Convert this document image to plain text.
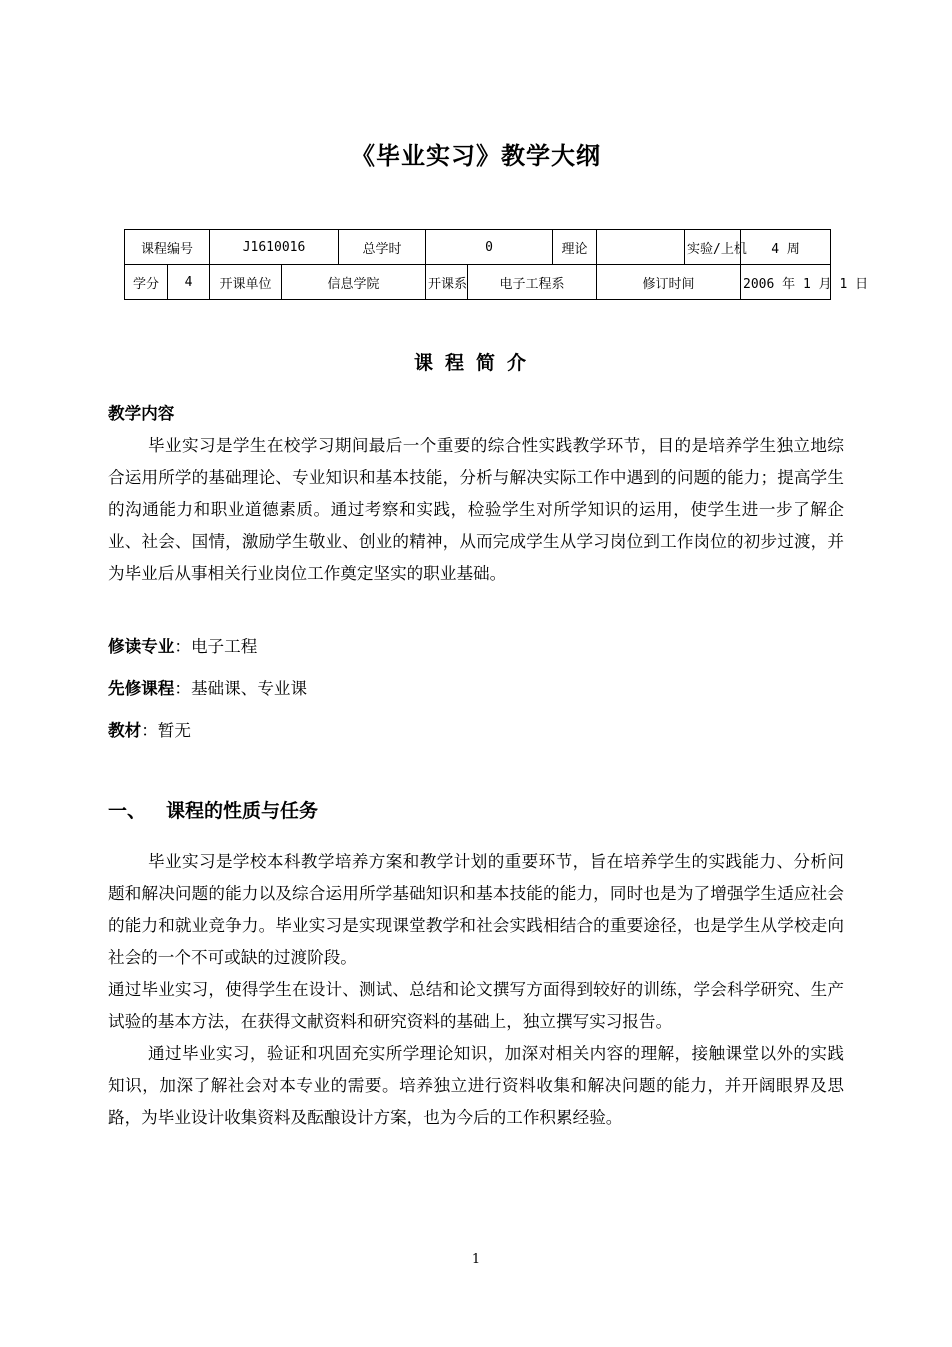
《毕业实习》教学大纲
课程编号		J1610016		总学时	0		理论		实验/上机	4 周
学分	4	开课单位	信息学院		开课系	电子工程系		修订时间		2006 年 1 月 1 日
课程简介
教学内容
毕业实习是学生在校学习期间最后一个重要的综合性实践教学环节，目的是培养学生独立地综合运用所学的基础理论、专业知识和基本技能，分析与解决实际工作中遇到的问题的能力；提高学生的沟通能力和职业道德素质。通过考察和实践，检验学生对所学知识的运用，使学生进一步了解企业、社会、国情，激励学生敬业、创业的精神，从而完成学生从学习岗位到工作岗位的初步过渡，并为毕业后从事相关行业岗位工作奠定坚实的职业基础。
修读专业：电子工程
先修课程：基础课、专业课
教材：暂无
一、 课程的性质与任务
毕业实习是学校本科教学培养方案和教学计划的重要环节，旨在培养学生的实践能力、分析问题和解决问题的能力以及综合运用所学基础知识和基本技能的能力，同时也是为了增强学生适应社会的能力和就业竞争力。毕业实习是实现课堂教学和社会实践相结合的重要途径，也是学生从学校走向社会的一个不可或缺的过渡阶段。
通过毕业实习，使得学生在设计、测试、总结和论文撰写方面得到较好的训练，学会科学研究、生产试验的基本方法，在获得文献资料和研究资料的基础上，独立撰写实习报告。
通过毕业实习，验证和巩固充实所学理论知识，加深对相关内容的理解，接触课堂以外的实践知识，加深了解社会对本专业的需要。培养独立进行资料收集和解决问题的能力，并开阔眼界及思路，为毕业设计收集资料及酝酿设计方案，也为今后的工作积累经验。
1
